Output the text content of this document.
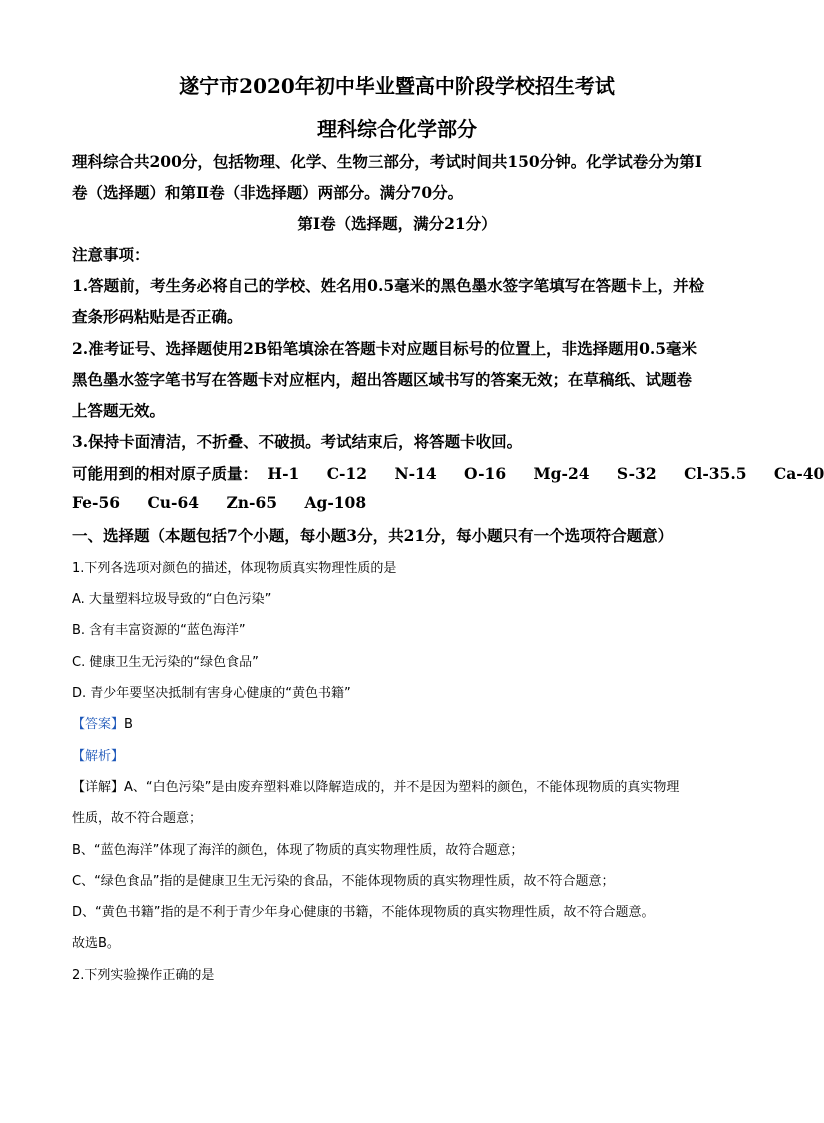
遂宁市2020年初中毕业暨高中阶段学校招生考试
理科综合化学部分
理科综合共200分，包括物理、化学、生物三部分，考试时间共150分钟。化学试卷分为第Ⅰ
卷（选择题）和第Ⅱ卷（非选择题）两部分。满分70分。
第Ⅰ卷（选择题，满分21分）
注意事项：
1.答题前，考生务必将自己的学校、姓名用0.5毫米的黑色墨水签字笔填写在答题卡上，并检
查条形码粘贴是否正确。
2.准考证号、选择题使用2B铅笔填涂在答题卡对应题目标号的位置上，非选择题用0.5毫米
黑色墨水签字笔书写在答题卡对应框内，超出答题区域书写的答案无效；在草稿纸、试题卷
上答题无效。
3.保持卡面清洁，不折叠、不破损。考试结束后，将答题卡收回。
可能用到的相对原子质量： H-1 C-12 N-14 O-16 Mg-24 S-32 Cl-35.5 Ca-40
Fe-56 Cu-64 Zn-65 Ag-108
一、选择题（本题包括7个小题，每小题3分，共21分，每小题只有一个选项符合题意）
1.下列各选项对颜色的描述，体现物质真实物理性质的是
A. 大量塑料垃圾导致的“白色污染”
B. 含有丰富资源的“蓝色海洋”
C. 健康卫生无污染的“绿色食品”
D. 青少年要坚决抵制有害身心健康的“黄色书籍”
【答案】B
【解析】
【详解】A、“白色污染”是由废弃塑料难以降解造成的，并不是因为塑料的颜色，不能体现物质的真实物理
性质，故不符合题意；
B、“蓝色海洋”体现了海洋的颜色，体现了物质的真实物理性质，故符合题意；
C、“绿色食品”指的是健康卫生无污染的食品，不能体现物质的真实物理性质，故不符合题意；
D、“黄色书籍”指的是不利于青少年身心健康的书籍，不能体现物质的真实物理性质，故不符合题意。
故选B。
2.下列实验操作正确的是
